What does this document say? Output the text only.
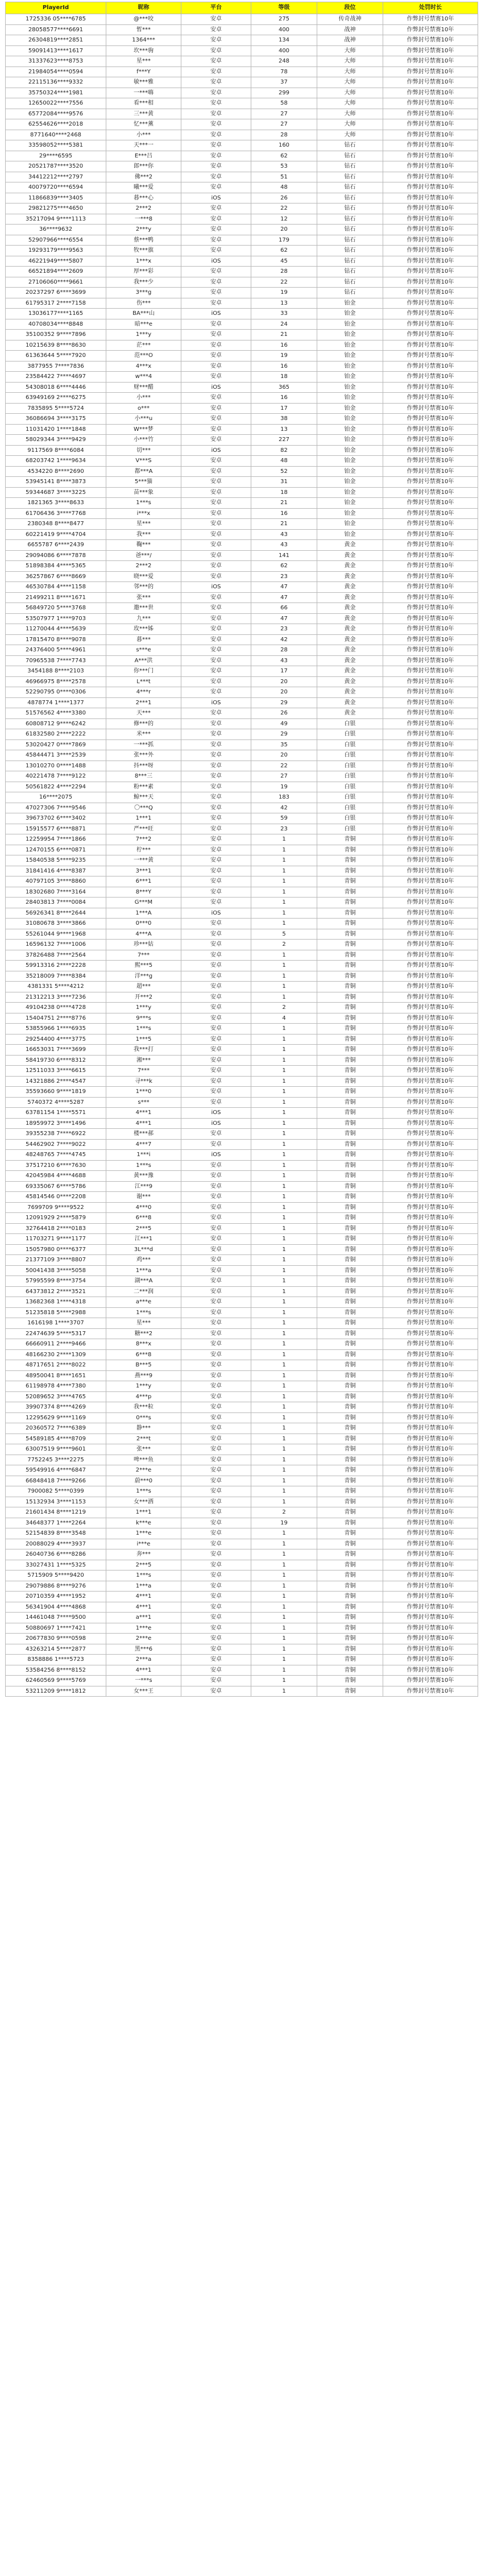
PlayerId	昵称	平台	等级	段位	处罚时长
1725336 05****6785	@***咬	安卓	275	传奇战神	作弊封号禁赛10年
28058577****6691	暂***	安卓	400	战神	作弊封号禁赛10年
26304819****2851	1364***	安卓	134	战神	作弊封号禁赛10年
59091413****1617	坎***驹	安卓	400	大师	作弊封号禁赛10年
31337623****8753	星***	安卓	248	大师	作弊封号禁赛10年
21984054****0594	f***Y	安卓	78	大师	作弊封号禁赛10年
22115136****9332	敏***雅	安卓	37	大师	作弊封号禁赛10年
35750324****1981	一***嗨	安卓	299	大师	作弊封号禁赛10年
12650022****7556	看***相	安卓	58	大师	作弊封号禁赛10年
65772084****9576	三***黄	安卓	27	大师	作弊封号禁赛10年
62554626****2018	忆***薰	安卓	27	大师	作弊封号禁赛10年
8771640****2468	小***	安卓	28	大师	作弊封号禁赛10年
33598052****5381	天***一	安卓	160	钻石	作弊封号禁赛10年
29****6595	E***吕	安卓	62	钻石	作弊封号禁赛10年
20521787****3520	郎***你	安卓	53	钻石	作弊封号禁赛10年
34412212****2797	佛***2	安卓	51	钻石	作弊封号禁赛10年
40079720****6594	曦***爱	安卓	48	钻石	作弊封号禁赛10年
11866839****3405	暮***心	iOS	26	钻石	作弊封号禁赛10年
29821275****4650	2***2	安卓	22	钻石	作弊封号禁赛10年
35217094 9****1113	一***8	安卓	12	钻石	作弊封号禁赛10年
36****9632	2***y	安卓	20	钻石	作弊封号禁赛10年
52907966****6554	蔡***鸭	安卓	179	钻石	作弊封号禁赛10年
19293179****9563	牧***旗	安卓	62	钻石	作弊封号禁赛10年
46221949****5807	1***x	iOS	45	钻石	作弊封号禁赛10年
66521894****2609	厚***彩	安卓	28	钻石	作弊封号禁赛10年
27106060****9661	我***少	安卓	22	钻石	作弊封号禁赛10年
20237297 6****3699	3***g	安卓	19	钻石	作弊封号禁赛10年
61795317 2****7158	伤***	安卓	13	铂金	作弊封号禁赛10年
13036177****1165	BA***山	iOS	33	铂金	作弊封号禁赛10年
40708034****8848	暗***e	安卓	24	铂金	作弊封号禁赛10年
35100352 9****7896	1***y	安卓	21	铂金	作弊封号禁赛10年
10215639 8****8630	茫***	安卓	16	铂金	作弊封号禁赛10年
61363644 5****7920	范***O	安卓	19	铂金	作弊封号禁赛10年
3877955 7****7836	4***x	安卓	16	铂金	作弊封号禁赛10年
23584422 7****4697	w***4	安卓	18	铂金	作弊封号禁赛10年
54308018 6****4446	财***醋	iOS	365	铂金	作弊封号禁赛10年
63949169 2****6275	小***	安卓	16	铂金	作弊封号禁赛10年
7835895 5****5724	o***	安卓	17	铂金	作弊封号禁赛10年
36086694 3****3175	小***u	安卓	38	铂金	作弊封号禁赛10年
11031420 1****1848	W***梦	安卓	13	铂金	作弊封号禁赛10年
58029344 3****9429	小***竹	安卓	227	铂金	作弊封号禁赛10年
9117569 8****6084	切***	iOS	82	铂金	作弊封号禁赛10年
68203742 1****9634	V***S	安卓	48	铂金	作弊封号禁赛10年
4534220 8****2690	都***A	安卓	52	铂金	作弊封号禁赛10年
53945141 8****3873	5***猫	安卓	31	铂金	作弊封号禁赛10年
59344687 3****3225	苗***象	安卓	18	铂金	作弊封号禁赛10年
1821365 3****8633	1***s	安卓	21	铂金	作弊封号禁赛10年
61706436 3****7768	i***x	安卓	16	铂金	作弊封号禁赛10年
2380348 8****8477	星***	安卓	21	铂金	作弊封号禁赛10年
60221419 9****4704	我***	安卓	43	铂金	作弊封号禁赛10年
6655787 6****2439	鞠***	安卓	43	黄金	作弊封号禁赛10年
29094086 6****7878	爸***/	安卓	141	黄金	作弊封号禁赛10年
51898384 4****5365	2***2	安卓	62	黄金	作弊封号禁赛10年
36257867 6****8669	晓***爱	安卓	23	黄金	作弊封号禁赛10年
46530784 4****1158	邻***的	iOS	47	黄金	作弊封号禁赛10年
21499211 8****1671	张***	安卓	47	黄金	作弊封号禁赛10年
56849720 5****3768	邀***世	安卓	66	黄金	作弊封号禁赛10年
53507977 1****9703	九***	安卓	47	黄金	作弊封号禁赛10年
11270044 4****5639	玫***姊	安卓	23	黄金	作弊封号禁赛10年
17815470 8****9078	暮***	安卓	42	黄金	作弊封号禁赛10年
24376400 5****4961	s***e	安卓	28	黄金	作弊封号禁赛10年
70965538 7****7743	A***洪	安卓	43	黄金	作弊封号禁赛10年
3454188 8****2103	你***门	安卓	17	黄金	作弊封号禁赛10年
46966975 8****2578	L***t	安卓	20	黄金	作弊封号禁赛10年
52290795 0****0306	4***r	安卓	20	黄金	作弊封号禁赛10年
4878774 1****1377	2***1	iOS	29	黄金	作弊封号禁赛10年
51576562 4****3380	天***	安卓	26	黄金	作弊封号禁赛10年
60808712 9****6242	修***的	安卓	49	白银	作弊封号禁赛10年
61832580 2****2222	米***	安卓	29	白银	作弊封号禁赛10年
53020427 0****7869	一***抓	安卓	35	白银	作弊封号禁赛10年
45844471 3****2539	张***外	安卓	20	白银	作弊封号禁赛10年
13010270 0****1488	抖***呀	安卓	22	白银	作弊封号禁赛10年
40221478 7****9122	8***三	安卓	27	白银	作弊封号禁赛10年
50561822 4****2294	粉***素	安卓	19	白银	作弊封号禁赛10年
16****2075	鲸***天	安卓	183	白银	作弊封号禁赛10年
47027306 7****9546	〇***Q	安卓	42	白银	作弊封号禁赛10年
39673702 6****3402	1***1	安卓	59	白银	作弊封号禁赛10年
15915577 6****8871	严***旺	安卓	23	白银	作弊封号禁赛10年
12259954 7****1866	7***2	安卓	1	青铜	作弊封号禁赛10年
12470155 6****0871	柠***	安卓	1	青铜	作弊封号禁赛10年
15840538 5****9235	一***黄	安卓	1	青铜	作弊封号禁赛10年
31841416 4****8387	3***1	安卓	1	青铜	作弊封号禁赛10年
40797105 3****8860	6***1	安卓	1	青铜	作弊封号禁赛10年
18302680 7****3164	8***Y	安卓	1	青铜	作弊封号禁赛10年
28403813 7****0084	G***M	安卓	1	青铜	作弊封号禁赛10年
56926341 8****2644	1***A	iOS	1	青铜	作弊封号禁赛10年
31080678 3****3866	0***0	安卓	1	青铜	作弊封号禁赛10年
55261044 9****1968	4***A	安卓	5	青铜	作弊封号禁赛10年
16596132 7****1006	珍***姑	安卓	2	青铜	作弊封号禁赛10年
37826488 7****2564	7***	安卓	1	青铜	作弊封号禁赛10年
59913316 2****2228	熙***5	安卓	1	青铜	作弊封号禁赛10年
35218009 7****8384	洋***g	安卓	1	青铜	作弊封号禁赛10年
4381331 5****4212	超***	安卓	1	青铜	作弊封号禁赛10年
21312213 3****7236	开***2	安卓	1	青铜	作弊封号禁赛10年
49104238 0****4728	1***y	安卓	2	青铜	作弊封号禁赛10年
15404751 2****8776	9***s	安卓	4	青铜	作弊封号禁赛10年
53855966 1****6935	1***s	安卓	1	青铜	作弊封号禁赛10年
29254400 4****3775	1***5	安卓	1	青铜	作弊封号禁赛10年
16653031 7****3699	我***打	安卓	1	青铜	作弊封号禁赛10年
58419730 6****8312	湘***	安卓	1	青铜	作弊封号禁赛10年
12511033 3****6615	7***	安卓	1	青铜	作弊封号禁赛10年
14321886 2****4547	寻***k	安卓	1	青铜	作弊封号禁赛10年
35593660 9****1819	1***0	安卓	1	青铜	作弊封号禁赛10年
5740372 4****5287	s***	安卓	1	青铜	作弊封号禁赛10年
63781154 1****5571	4***1	iOS	1	青铜	作弊封号禁赛10年
18959972 3****1496	4***1	iOS	1	青铜	作弊封号禁赛10年
39355238 7****6922	楼***郝	安卓	1	青铜	作弊封号禁赛10年
54462902 7****9022	4***7	安卓	1	青铜	作弊封号禁赛10年
48248765 7****4745	1***i	iOS	1	青铜	作弊封号禁赛10年
37517210 6****7630	1***s	安卓	1	青铜	作弊封号禁赛10年
42045984 4****4688	黄***豫	安卓	1	青铜	作弊封号禁赛10年
69335067 6****5786	江***9	安卓	1	青铜	作弊封号禁赛10年
45814546 0****2208	谢***	安卓	1	青铜	作弊封号禁赛10年
7699709 9****9522	4***0	安卓	1	青铜	作弊封号禁赛10年
12091929 2****5879	6***8	安卓	1	青铜	作弊封号禁赛10年
32764418 2****0183	2***5	安卓	1	青铜	作弊封号禁赛10年
11703271 9****1177	江***1	安卓	1	青铜	作弊封号禁赛10年
15057980 0****6377	3L***d	安卓	1	青铜	作弊封号禁赛10年
21377109 3****8807	鸡***	安卓	1	青铜	作弊封号禁赛10年
50041438 3****5058	1***a	安卓	1	青铜	作弊封号禁赛10年
57995599 8****3754	湖***A	安卓	1	青铜	作弊封号禁赛10年
64373812 2****3521	二***润	安卓	1	青铜	作弊封号禁赛10年
13682368 1****4318	a***e	安卓	1	青铜	作弊封号禁赛10年
51235818 5****2988	1***s	安卓	1	青铜	作弊封号禁赛10年
1616198 1****3707	星***	安卓	1	青铜	作弊封号禁赛10年
22474639 5****5317	糖***2	安卓	1	青铜	作弊封号禁赛10年
66660911 2****9466	8***x	安卓	1	青铜	作弊封号禁赛10年
48166230 2****1309	6***8	安卓	1	青铜	作弊封号禁赛10年
48717651 2****8022	B***5	安卓	1	青铜	作弊封号禁赛10年
48950041 8****1651	燕***9	安卓	1	青铜	作弊封号禁赛10年
61198978 4****7380	1***y	安卓	1	青铜	作弊封号禁赛10年
52089652 3****4765	4***p	安卓	1	青铜	作弊封号禁赛10年
39907374 8****4269	我***粒	安卓	1	青铜	作弊封号禁赛10年
12295629 9****1169	0***s	安卓	1	青铜	作弊封号禁赛10年
20360572 7****6389	静***	安卓	1	青铜	作弊封号禁赛10年
54589185 4****8709	2***t	安卓	1	青铜	作弊封号禁赛10年
63007519 9****9601	张***	安卓	1	青铜	作弊封号禁赛10年
7752245 3****2275	啤***鱼	安卓	1	青铜	作弊封号禁赛10年
59549916 4****6847	2***e	安卓	1	青铜	作弊封号禁赛10年
66848418 7****9266	蔚***0	安卓	1	青铜	作弊封号禁赛10年
7900082 5****0399	1***s	安卓	1	青铜	作弊封号禁赛10年
15132934 3****1153	女***洒	安卓	1	青铜	作弊封号禁赛10年
21601434 8****1219	1***1	安卓	2	青铜	作弊封号禁赛10年
34648377 1****2264	k***e	安卓	19	青铜	作弊封号禁赛10年
52154839 8****3548	1***e	安卓	1	青铜	作弊封号禁赛10年
20088029 4****3937	i***e	安卓	1	青铜	作弊封号禁赛10年
26040736 6****8286	奔***	安卓	1	青铜	作弊封号禁赛10年
33027431 1****5325	2***5	安卓	1	青铜	作弊封号禁赛10年
5715909 5****9420	1***s	安卓	1	青铜	作弊封号禁赛10年
29079886 8****9276	1***a	安卓	1	青铜	作弊封号禁赛10年
20710359 4****1952	4***1	安卓	1	青铜	作弊封号禁赛10年
56341904 4****4868	4***1	安卓	1	青铜	作弊封号禁赛10年
14461048 7****9500	a***1	安卓	1	青铜	作弊封号禁赛10年
50880697 1****7421	1***e	安卓	1	青铜	作弊封号禁赛10年
20677830 9****0598	2***e	安卓	1	青铜	作弊封号禁赛10年
43263214 5****2877	黑***6	安卓	1	青铜	作弊封号禁赛10年
8358886 1****5723	2***a	安卓	1	青铜	作弊封号禁赛10年
53584256 8****8152	4***1	安卓	1	青铜	作弊封号禁赛10年
62460569 9****5769	一***s	安卓	1	青铜	作弊封号禁赛10年
53211209 9****1812	女***王	安卓	1	青铜	作弊封号禁赛10年
